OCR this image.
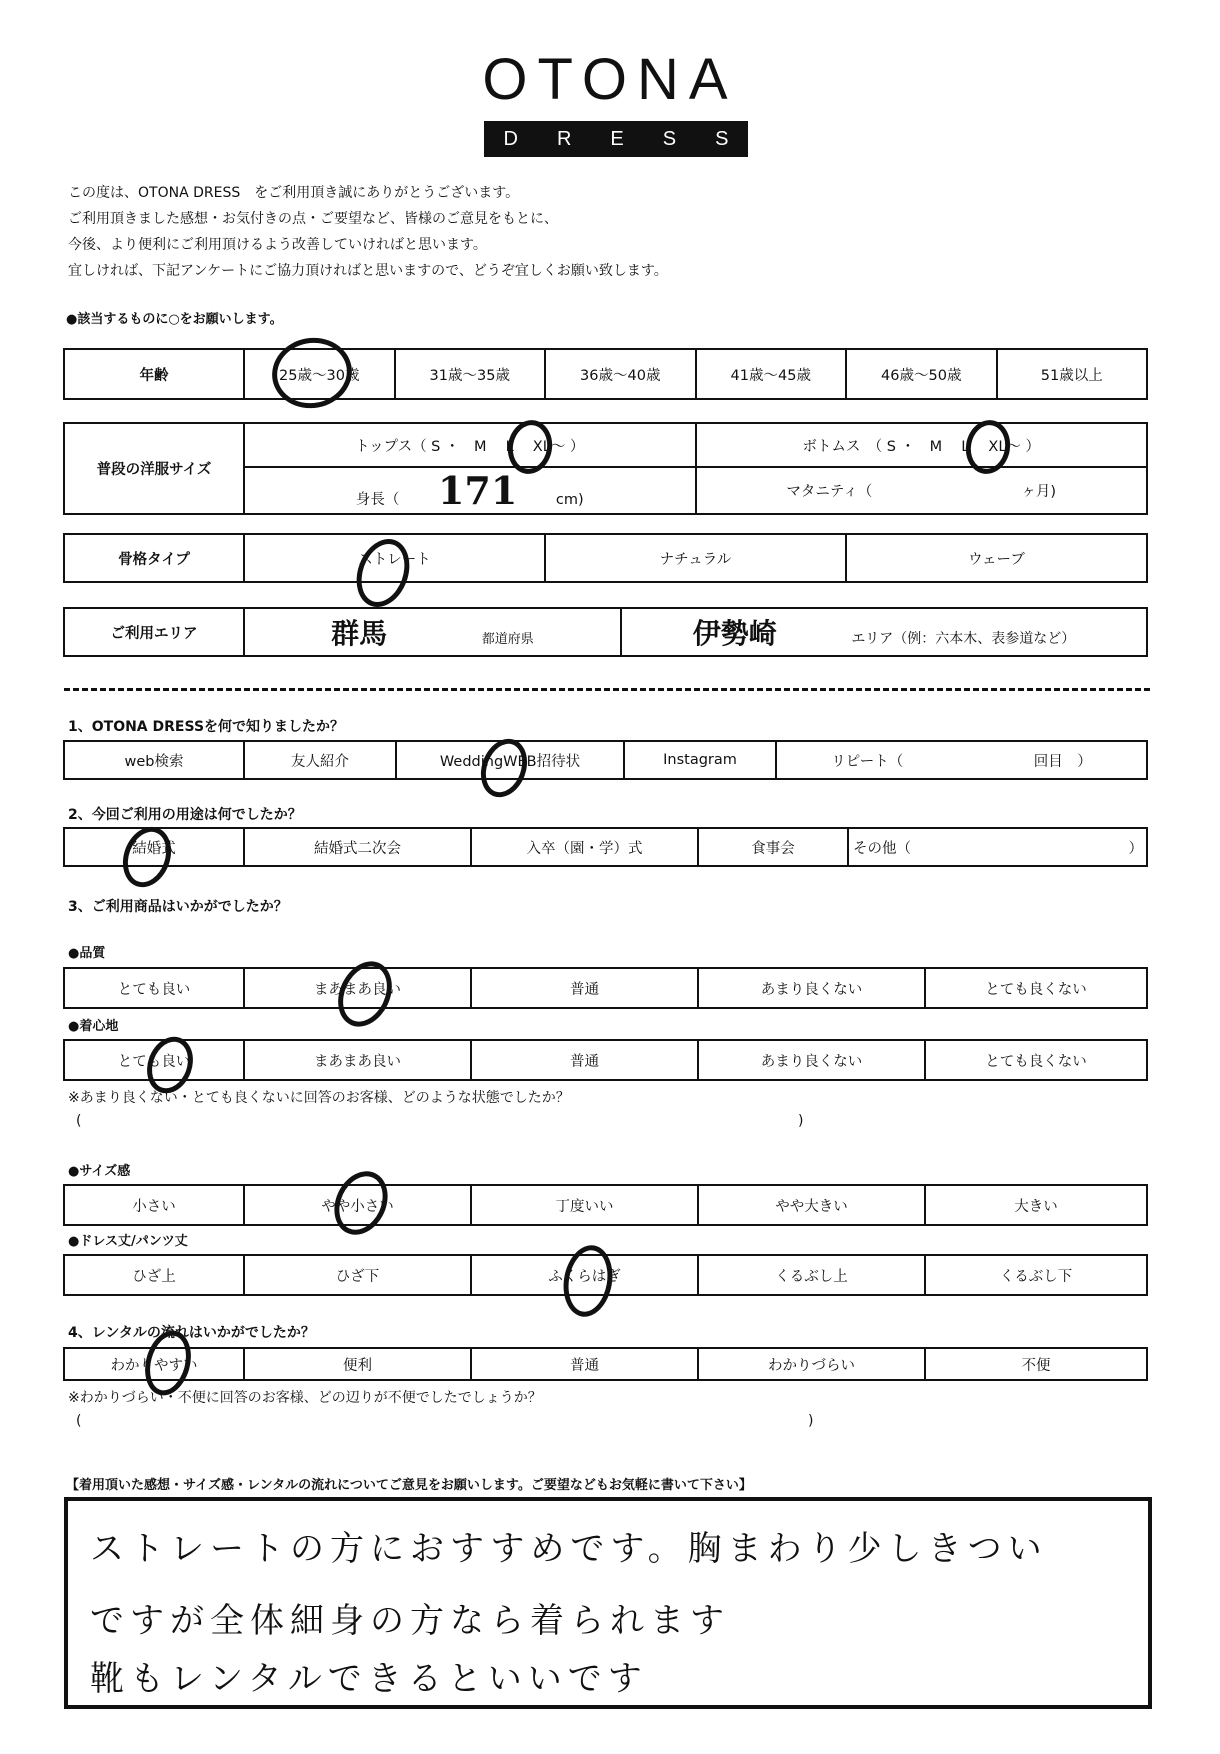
OTONA
D R E S S
この度は、OTONA DRESS　をご利用頂き誠にありがとうございます。
ご利用頂きました感想・お気付きの点・ご要望など、皆様のご意見をもとに、
今後、より便利にご利用頂けるよう改善していければと思います。
宜しければ、下記アンケートにご協力頂ければと思いますので、どうぞ宜しくお願い致します。
●該当するものに○をお願いします。
年齢	25歳〜30歳	31歳〜35歳	36歳〜40歳	41歳〜45歳	46歳〜50歳	51歳以上
普段の洋服サイズ	トップス（ S ・　M　 L　 XL〜 ）	ボトムス　（ S ・　M　 L　 XL〜 ）
	身長（ 171 cm)	マタニティ（ ヶ月)
骨格タイプ	ストレート	ナチュラル	ウェーブ
ご利用エリア	群馬	都道府県	伊勢崎	エリア（例：六本木、表参道など）
1、OTONA DRESSを何で知りましたか？
web検索	友人紹介	WeddingWEB招待状	Instagram	リピート（　　　　　　　　　回目　）
2、今回ご利用の用途は何でしたか？
結婚式	結婚式二次会	入卒（園・学）式	食事会	その他（　　　　　　　　　　　　　　　）
3、ご利用商品はいかがでしたか？
●品質
とても良い	まあまあ良い	普通	あまり良くない	とても良くない
●着心地
とても良い	まあまあ良い	普通	あまり良くない	とても良くない
※あまり良くない・とても良くないに回答のお客様、どのような状態でしたか？
(	)
●サイズ感
小さい	やや小さい	丁度いい	やや大きい	大きい
●ドレス丈/パンツ丈
ひざ上	ひざ下	ふくらはぎ	くるぶし上	くるぶし下
4、レンタルの流れはいかがでしたか？
わかりやすい	便利	普通	わかりづらい	不便
※わかりづらい・不便に回答のお客様、どの辺りが不便でしたでしょうか？
(	)
【着用頂いた感想・サイズ感・レンタルの流れについてご意見をお願いします。ご要望などもお気軽に書いて下さい】
ストレートの方におすすめです。胸まわり少しきつい
ですが全体細身の方なら着られます
靴もレンタルできるといいです
